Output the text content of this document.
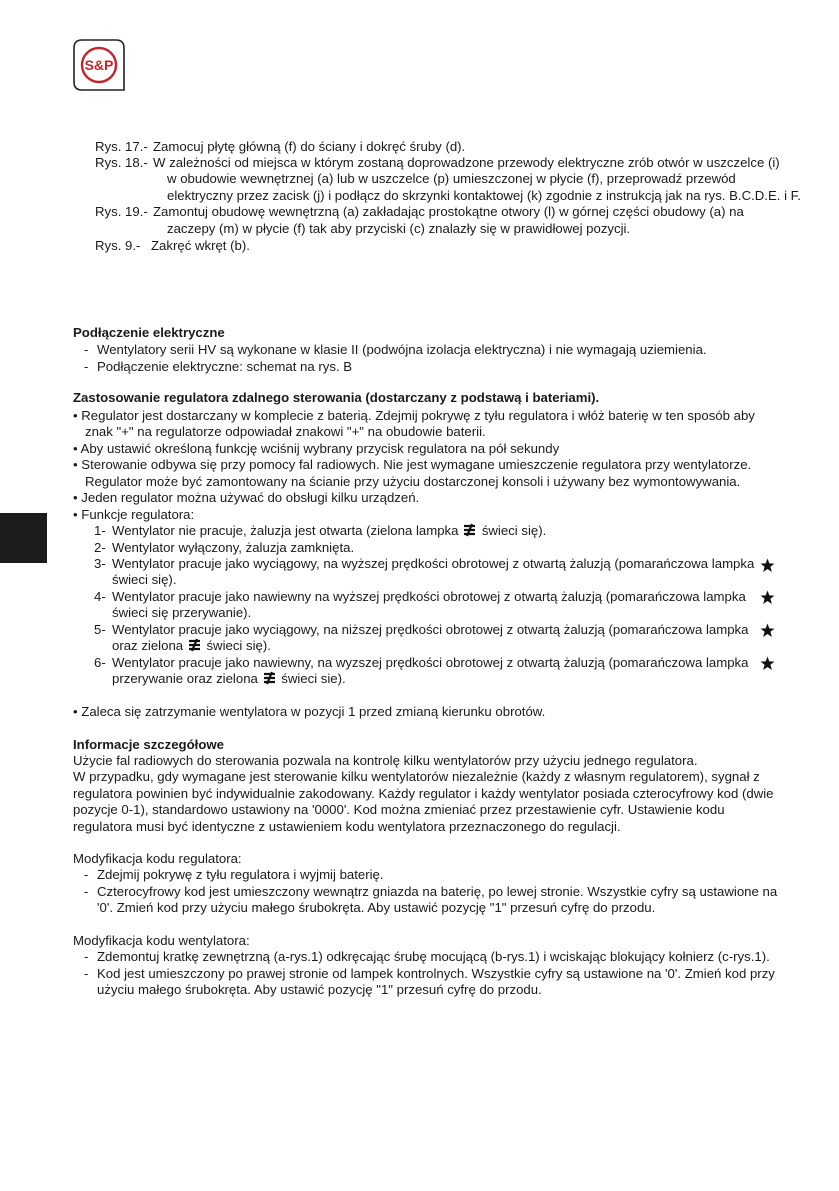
S&P
Rys. 17.- Zamocuj płytę główną (f) do ściany i dokręć śruby (d).
Rys. 18.- W zależności od miejsca w którym zostaną doprowadzone przewody elektryczne zrób otwór w uszczelce (i)
w obudowie wewnętrznej (a) lub w uszczelce (p) umieszczonej w płycie (f), przeprowadź przewód
elektryczny przez zacisk (j) i podłącz do skrzynki kontaktowej (k) zgodnie z instrukcją jak na rys. B.C.D.E. i F.
Rys. 19.- Zamontuj obudowę wewnętrzną (a) zakładając prostokątne otwory (l) w górnej części obudowy (a) na
zaczepy (m) w płycie (f) tak aby przyciski (c) znalazły się w prawidłowej pozycji.
Rys. 9.- Zakręć wkręt (b).
Podłączenie elektryczne
- Wentylatory serii HV są wykonane w klasie II (podwójna izolacja elektryczna) i nie wymagają uziemienia.
- Podłączenie elektryczne: schemat na rys. B
Zastosowanie regulatora zdalnego sterowania (dostarczany z podstawą i bateriami).
• Regulator jest dostarczany w komplecie z baterią. Zdejmij pokrywę z tyłu regulatora i włóż baterię w ten sposób aby
znak "+" na regulatorze odpowiadał znakowi "+" na obudowie baterii.
• Aby ustawić określoną funkcję wciśnij wybrany przycisk regulatora na pół sekundy
• Sterowanie odbywa się przy pomocy fal radiowych. Nie jest wymagane umieszczenie regulatora przy wentylatorze.
Regulator może być zamontowany na ścianie przy użyciu dostarczonej konsoli i używany bez wymontowywania.
• Jeden regulator można używać do obsługi kilku urządzeń.
• Funkcje regulatora:
1- Wentylator nie pracuje, żaluzja jest otwarta (zielona lampka świeci się).
2- Wentylator wyłączony, żaluzja zamknięta.
3- Wentylator pracuje jako wyciągowy, na wyższej prędkości obrotowej z otwartą żaluzją (pomarańczowa lampka
świeci się).
4- Wentylator pracuje jako nawiewny na wyższej prędkości obrotowej z otwartą żaluzją (pomarańczowa lampka
świeci się przerywanie).
5- Wentylator pracuje jako wyciągowy, na niższej prędkości obrotowej z otwartą żaluzją (pomarańczowa lampka
oraz zielona świeci się).
6- Wentylator pracuje jako nawiewny, na wyzszej prędkości obrotowej z otwartą żaluzją (pomarańczowa lampka
przerywanie oraz zielona świeci sie).
• Zaleca się zatrzymanie wentylatora w pozycji 1 przed zmianą kierunku obrotów.
Informacje szczegółowe
Użycie fal radiowych do sterowania pozwala na kontrolę kilku wentylatorów przy użyciu jednego regulatora.
W przypadku, gdy wymagane jest sterowanie kilku wentylatorów niezależnie (każdy z własnym regulatorem), sygnał z
regulatora powinien być indywidualnie zakodowany. Każdy regulator i każdy wentylator posiada czterocyfrowy kod (dwie
pozycje 0-1), standardowo ustawiony na '0000'. Kod można zmieniać przez przestawienie cyfr. Ustawienie kodu
regulatora musi być identyczne z ustawieniem kodu wentylatora przeznaczonego do regulacji.
Modyfikacja kodu regulatora:
- Zdejmij pokrywę z tyłu regulatora i wyjmij baterię.
- Czterocyfrowy kod jest umieszczony wewnątrz gniazda na baterię, po lewej stronie. Wszystkie cyfry są ustawione na
'0'. Zmień kod przy użyciu małego śrubokręta. Aby ustawić pozycję "1" przesuń cyfrę do przodu.
Modyfikacja kodu wentylatora:
- Zdemontuj kratkę zewnętrzną (a-rys.1) odkręcając śrubę mocującą (b-rys.1) i wciskając blokujący kołnierz (c-rys.1).
- Kod jest umieszczony po prawej stronie od lampek kontrolnych. Wszystkie cyfry są ustawione na '0'. Zmień kod przy
użyciu małego śrubokręta. Aby ustawić pozycję "1" przesuń cyfrę do przodu.
